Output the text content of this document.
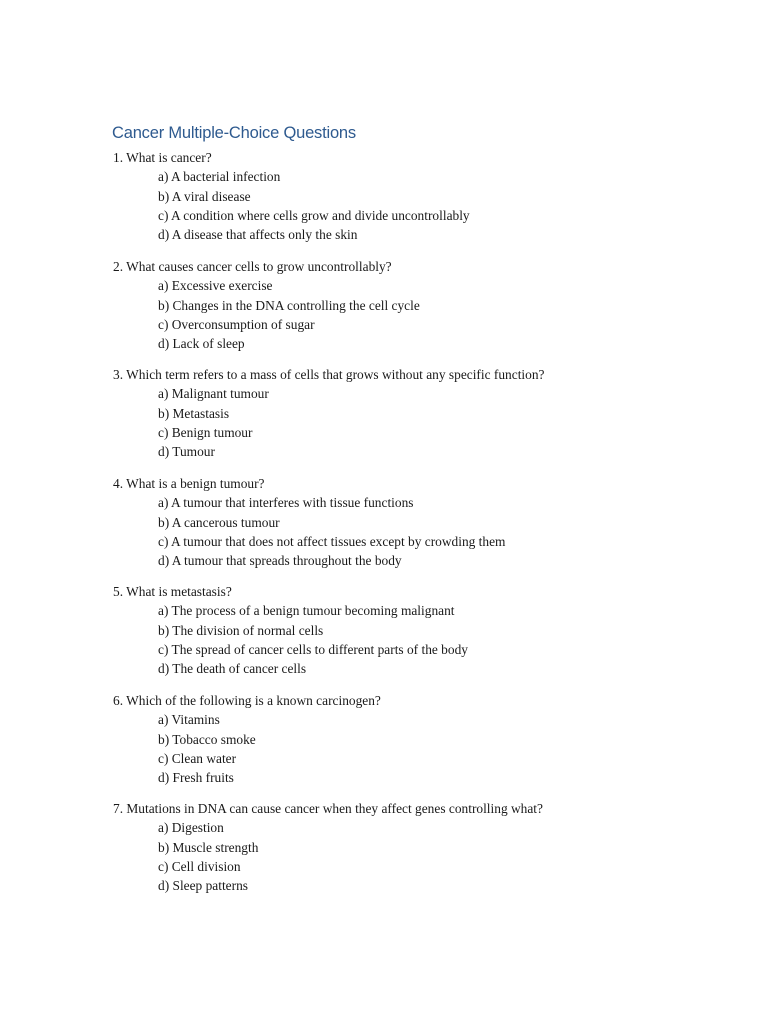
Cancer Multiple-Choice Questions
1. What is cancer?
a) A bacterial infection
b) A viral disease
c) A condition where cells grow and divide uncontrollably
d) A disease that affects only the skin
2. What causes cancer cells to grow uncontrollably?
a) Excessive exercise
b) Changes in the DNA controlling the cell cycle
c) Overconsumption of sugar
d) Lack of sleep
3. Which term refers to a mass of cells that grows without any specific function?
a) Malignant tumour
b) Metastasis
c) Benign tumour
d) Tumour
4. What is a benign tumour?
a) A tumour that interferes with tissue functions
b) A cancerous tumour
c) A tumour that does not affect tissues except by crowding them
d) A tumour that spreads throughout the body
5. What is metastasis?
a) The process of a benign tumour becoming malignant
b) The division of normal cells
c) The spread of cancer cells to different parts of the body
d) The death of cancer cells
6. Which of the following is a known carcinogen?
a) Vitamins
b) Tobacco smoke
c) Clean water
d) Fresh fruits
7. Mutations in DNA can cause cancer when they affect genes controlling what?
a) Digestion
b) Muscle strength
c) Cell division
d) Sleep patterns
